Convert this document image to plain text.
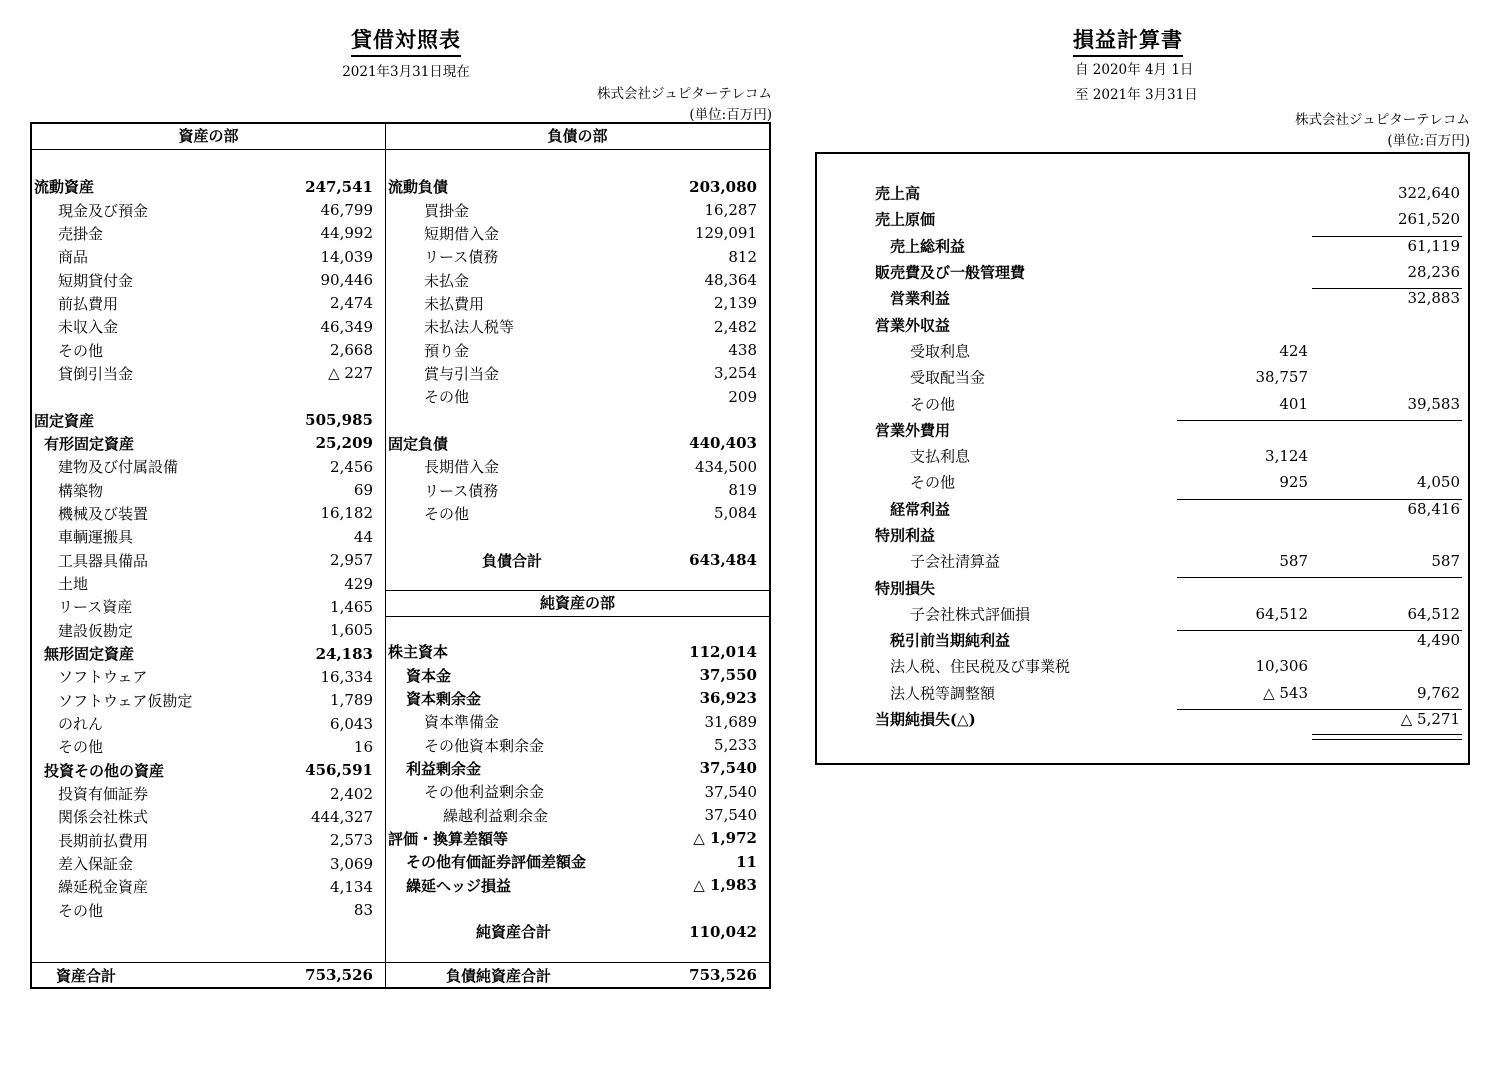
貸借対照表
2021年3月31日現在
株式会社ジュピターテレコム
(単位:百万円)
資産の部	負債の部
流動資産	247,541
現金及び預金	46,799
売掛金	44,992
商品	14,039
短期貸付金	90,446
前払費用	2,474
未収入金	46,349
その他	2,668
貸倒引当金	△ 227
固定資産	505,985
有形固定資産	25,209
建物及び付属設備	2,456
構築物	69
機械及び装置	16,182
車輌運搬具	44
工具器具備品	2,957
土地	429
リース資産	1,465
建設仮勘定	1,605
無形固定資産	24,183
ソフトウェア	16,334
ソフトウェア仮勘定	1,789
のれん	6,043
その他	16
投資その他の資産	456,591
投資有価証券	2,402
関係会社株式	444,327
長期前払費用	2,573
差入保証金	3,069
繰延税金資産	4,134
その他	83
流動負債	203,080
買掛金	16,287
短期借入金	129,091
リース債務	812
未払金	48,364
未払費用	2,139
未払法人税等	2,482
預り金	438
賞与引当金	3,254
その他	209
固定負債	440,403
長期借入金	434,500
リース債務	819
その他	5,084
負債合計	643,484
純資産の部
株主資本	112,014
資本金	37,550
資本剰余金	36,923
資本準備金	31,689
その他資本剰余金	5,233
利益剰余金	37,540
その他利益剰余金	37,540
繰越利益剰余金	37,540
評価・換算差額等	△ 1,972
その他有価証券評価差額金	11
繰延ヘッジ損益	△ 1,983
純資産合計	110,042
資産合計	753,526	負債純資産合計	753,526
損益計算書
自 2020年 4月 1日
至 2021年 3月31日
株式会社ジュピターテレコム
(単位:百万円)
売上高	322,640
売上原価	261,520
売上総利益	61,119
販売費及び一般管理費	28,236
営業利益	32,883
営業外収益
受取利息	424
受取配当金	38,757
その他	401	39,583
営業外費用
支払利息	3,124
その他	925	4,050
経常利益	68,416
特別利益
子会社清算益	587	587
特別損失
子会社株式評価損	64,512	64,512
税引前当期純利益	4,490
法人税、住民税及び事業税	10,306
法人税等調整額	△ 543	9,762
当期純損失(△)	△ 5,271
